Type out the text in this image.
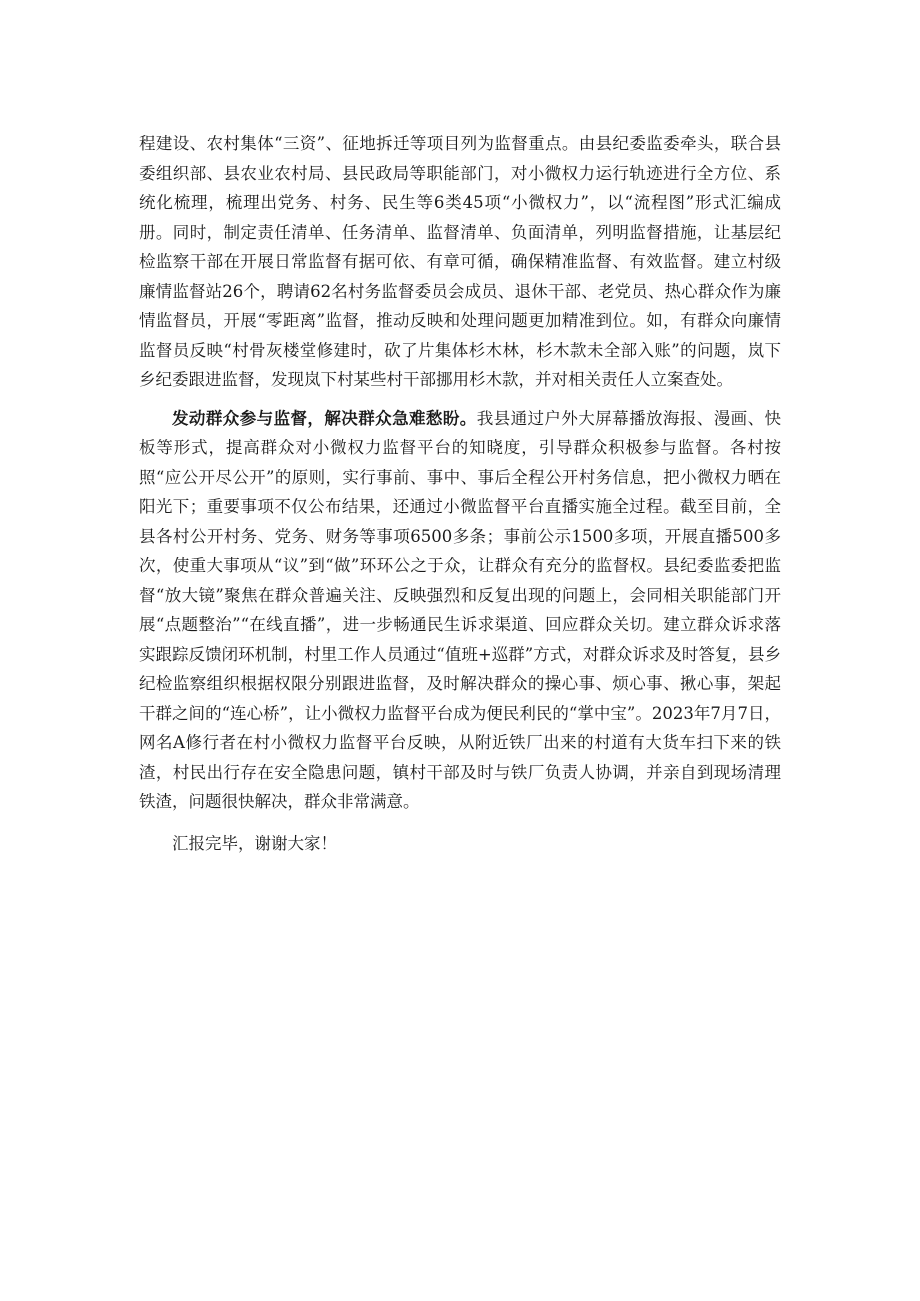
程建设、农村集体“三资”、征地拆迁等项目列为监督重点。由县纪委监委牵头，联合县委组织部、县农业农村局、县民政局等职能部门，对小微权力运行轨迹进行全方位、系统化梳理，梳理出党务、村务、民生等6类45项“小微权力”，以“流程图”形式汇编成册。同时，制定责任清单、任务清单、监督清单、负面清单，列明监督措施，让基层纪检监察干部在开展日常监督有据可依、有章可循，确保精准监督、有效监督。建立村级廉情监督站26个，聘请62名村务监督委员会成员、退休干部、老党员、热心群众作为廉情监督员，开展“零距离”监督，推动反映和处理问题更加精准到位。如，有群众向廉情监督员反映“村骨灰楼堂修建时，砍了片集体杉木林，杉木款未全部入账”的问题，岚下乡纪委跟进监督，发现岚下村某些村干部挪用杉木款，并对相关责任人立案查处。

发动群众参与监督，解决群众急难愁盼。我县通过户外大屏幕播放海报、漫画、快板等形式，提高群众对小微权力监督平台的知晓度，引导群众积极参与监督。各村按照“应公开尽公开”的原则，实行事前、事中、事后全程公开村务信息，把小微权力晒在阳光下；重要事项不仅公布结果，还通过小微监督平台直播实施全过程。截至目前，全县各村公开村务、党务、财务等事项6500多条；事前公示1500多项，开展直播500多次，使重大事项从“议”到“做”环环公之于众，让群众有充分的监督权。县纪委监委把监督“放大镜”聚焦在群众普遍关注、反映强烈和反复出现的问题上，会同相关职能部门开展“点题整治”“在线直播”，进一步畅通民生诉求渠道、回应群众关切。建立群众诉求落实跟踪反馈闭环机制，村里工作人员通过“值班+巡群”方式，对群众诉求及时答复，县乡纪检监察组织根据权限分别跟进监督，及时解决群众的操心事、烦心事、揪心事，架起干群之间的“连心桥”，让小微权力监督平台成为便民利民的“掌中宝”。2023年7月7日，网名A修行者在村小微权力监督平台反映，从附近铁厂出来的村道有大货车扫下来的铁渣，村民出行存在安全隐患问题，镇村干部及时与铁厂负责人协调，并亲自到现场清理铁渣，问题很快解决，群众非常满意。

汇报完毕，谢谢大家！
